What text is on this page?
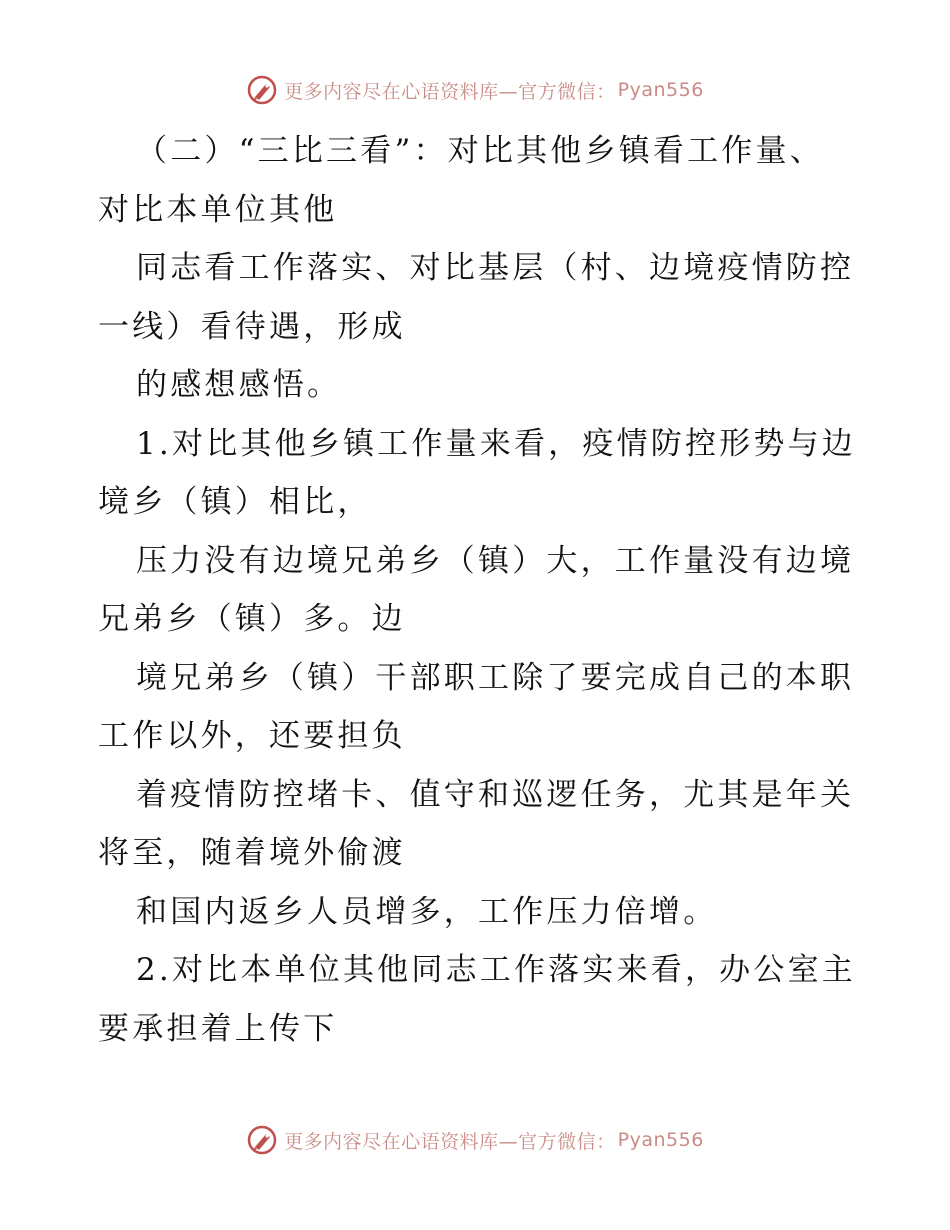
更多内容尽在心语资料库—官方微信： Pyan556
（二）“三比三看”：对比其他乡镇看工作量、
对比本单位其他
同志看工作落实、对比基层（村、边境疫情防控
一线）看待遇，形成
的感想感悟。
1.对比其他乡镇工作量来看，疫情防控形势与边
境乡（镇）相比，
压力没有边境兄弟乡（镇）大，工作量没有边境
兄弟乡（镇）多。边
境兄弟乡（镇）干部职工除了要完成自己的本职
工作以外，还要担负
着疫情防控堵卡、值守和巡逻任务，尤其是年关
将至，随着境外偷渡
和国内返乡人员增多，工作压力倍增。
2.对比本单位其他同志工作落实来看，办公室主
要承担着上传下
更多内容尽在心语资料库—官方微信： Pyan556
